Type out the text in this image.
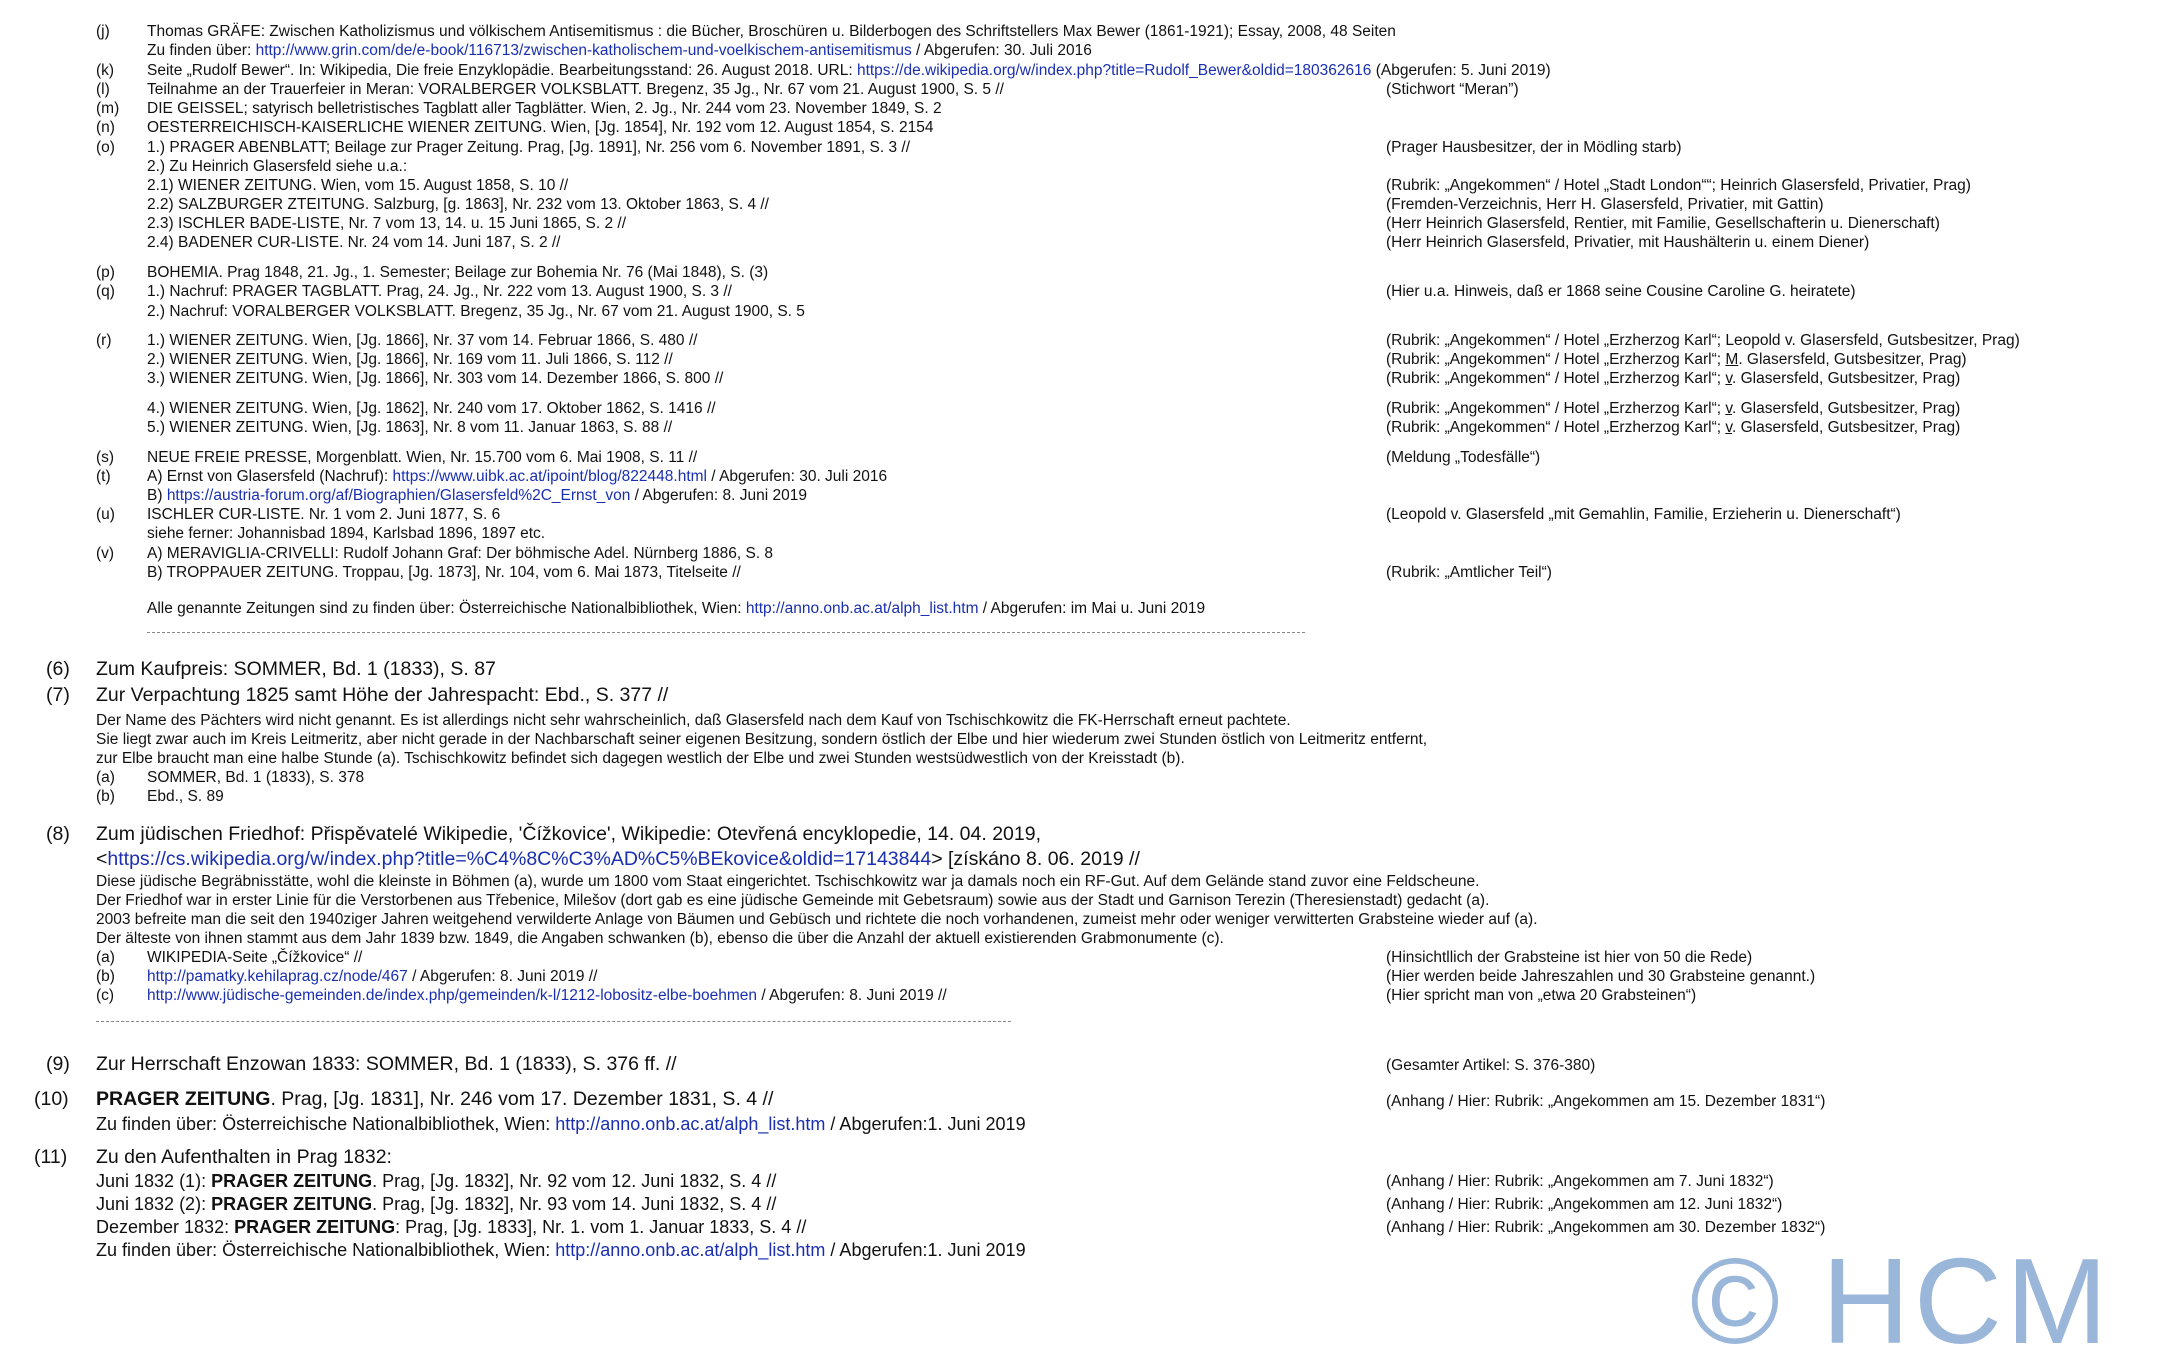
(j) Thomas GRÄFE: Zwischen Katholizismus und völkischem Antisemitismus : die Bücher, Broschüren u. Bilderbogen des Schriftstellers Max Bewer (1861-1921); Essay, 2008, 48 Seiten
Zu finden über: http://www.grin.com/de/e-book/116713/zwischen-katholischem-und-voelkischem-antisemitismus / Abgerufen: 30. Juli 2016
(k) Seite „Rudolf Bewer“. In: Wikipedia, Die freie Enzyklopädie. Bearbeitungsstand: 26. August 2018. URL: https://de.wikipedia.org/w/index.php?title=Rudolf_Bewer&oldid=180362616 (Abgerufen: 5. Juni 2019)
(l) Teilnahme an der Trauerfeier in Meran: VORALBERGER VOLKSBLATT. Bregenz, 35 Jg., Nr. 67 vom 21. August 1900, S. 5 //	(Stichwort “Meran”)
(m) DIE GEISSEL; satyrisch belletristisches Tagblatt aller Tagblätter. Wien, 2. Jg., Nr. 244 vom 23. November 1849, S. 2
(n) OESTERREICHISCH-KAISERLICHE WIENER ZEITUNG. Wien, [Jg. 1854], Nr. 192 vom 12. August 1854, S. 2154
(o) 1.) PRAGER ABENBLATT; Beilage zur Prager Zeitung. Prag, [Jg. 1891], Nr. 256 vom 6. November 1891, S. 3 //	(Prager Hausbesitzer, der in Mödling starb)
2.) Zu Heinrich Glasersfeld siehe u.a.:
2.1) WIENER ZEITUNG. Wien, vom 15. August 1858, S. 10 //	(Rubrik: „Angekommen“ / Hotel „Stadt London““; Heinrich Glasersfeld, Privatier, Prag)
2.2) SALZBURGER ZTEITUNG. Salzburg, [g. 1863], Nr. 232 vom 13. Oktober 1863, S. 4 //	(Fremden-Verzeichnis, Herr H. Glasersfeld, Privatier, mit Gattin)
2.3) ISCHLER BADE-LISTE, Nr. 7 vom 13, 14. u. 15 Juni 1865, S. 2 //	(Herr Heinrich Glasersfeld, Rentier, mit Familie, Gesellschafterin u. Dienerschaft)
2.4) BADENER CUR-LISTE. Nr. 24 vom 14. Juni 187, S. 2 //	(Herr Heinrich Glasersfeld, Privatier, mit Haushälterin u. einem Diener)
(p) BOHEMIA. Prag 1848, 21. Jg., 1. Semester; Beilage zur Bohemia Nr. 76 (Mai 1848), S. (3)
(q) 1.) Nachruf: PRAGER TAGBLATT. Prag, 24. Jg., Nr. 222 vom 13. August 1900, S. 3 //	(Hier u.a. Hinweis, daß er 1868 seine Cousine Caroline G. heiratete)
2.) Nachruf: VORALBERGER VOLKSBLATT. Bregenz, 35 Jg., Nr. 67 vom 21. August 1900, S. 5
(r) 1.) WIENER ZEITUNG. Wien, [Jg. 1866], Nr. 37 vom 14. Februar 1866, S. 480 //	(Rubrik: „Angekommen“ / Hotel „Erzherzog Karl“; Leopold v. Glasersfeld, Gutsbesitzer, Prag)
2.) WIENER ZEITUNG. Wien, [Jg. 1866], Nr. 169 vom 11. Juli 1866, S. 112 //	(Rubrik: „Angekommen“ / Hotel „Erzherzog Karl“; M. Glasersfeld, Gutsbesitzer, Prag)
3.) WIENER ZEITUNG. Wien, [Jg. 1866], Nr. 303 vom 14. Dezember 1866, S. 800 //	(Rubrik: „Angekommen“ / Hotel „Erzherzog Karl“; v. Glasersfeld, Gutsbesitzer, Prag)
4.) WIENER ZEITUNG. Wien, [Jg. 1862], Nr. 240 vom 17. Oktober 1862, S. 1416 //	(Rubrik: „Angekommen“ / Hotel „Erzherzog Karl“; v. Glasersfeld, Gutsbesitzer, Prag)
5.) WIENER ZEITUNG. Wien, [Jg. 1863], Nr. 8 vom 11. Januar 1863, S. 88 //	(Rubrik: „Angekommen“ / Hotel „Erzherzog Karl“; v. Glasersfeld, Gutsbesitzer, Prag)
(s) NEUE FREIE PRESSE, Morgenblatt. Wien, Nr. 15.700 vom 6. Mai 1908, S. 11 //	(Meldung „Todesfälle“)
(t) A) Ernst von Glasersfeld (Nachruf): https://www.uibk.ac.at/ipoint/blog/822448.html / Abgerufen: 30. Juli 2016
B) https://austria-forum.org/af/Biographien/Glasersfeld%2C_Ernst_von / Abgerufen: 8. Juni 2019
(u) ISCHLER CUR-LISTE. Nr. 1 vom 2. Juni 1877, S. 6	(Leopold v. Glasersfeld „mit Gemahlin, Familie, Erzieherin u. Dienerschaft“)
siehe ferner: Johannisbad 1894, Karlsbad 1896, 1897 etc.
(v) A) MERAVIGLIA-CRIVELLI: Rudolf Johann Graf: Der böhmische Adel. Nürnberg 1886, S. 8
B) TROPPAUER ZEITUNG. Troppau, [Jg. 1873], Nr. 104, vom 6. Mai 1873, Titelseite //	(Rubrik: „Amtlicher Teil“)
Alle genannte Zeitungen sind zu finden über: Österreichische Nationalbibliothek, Wien: http://anno.onb.ac.at/alph_list.htm / Abgerufen: im Mai u. Juni 2019
(6) Zum Kaufpreis: SOMMER, Bd. 1 (1833), S. 87
(7) Zur Verpachtung 1825 samt Höhe der Jahrespacht: Ebd., S. 377 //
Der Name des Pächters wird nicht genannt. Es ist allerdings nicht sehr wahrscheinlich, daß Glasersfeld nach dem Kauf von Tschischkowitz die FK-Herrschaft erneut pachtete.
Sie liegt zwar auch im Kreis Leitmeritz, aber nicht gerade in der Nachbarschaft seiner eigenen Besitzung, sondern östlich der Elbe und hier wiederum zwei Stunden östlich von Leitmeritz entfernt,
zur Elbe braucht man eine halbe Stunde (a). Tschischkowitz befindet sich dagegen westlich der Elbe und zwei Stunden westsüdwestlich von der Kreisstadt (b).
(a) SOMMER, Bd. 1 (1833), S. 378
(b) Ebd., S. 89
(8) Zum jüdischen Friedhof: Přispěvatelé Wikipedie, 'Čížkovice', Wikipedie: Otevřená encyklopedie, 14. 04. 2019,
<https://cs.wikipedia.org/w/index.php?title=%C4%8C%C3%AD%C5%BEkovice&oldid=17143844> [získáno 8. 06. 2019 //
Diese jüdische Begräbnisstätte, wohl die kleinste in Böhmen (a), wurde um 1800 vom Staat eingerichtet. Tschischkowitz war ja damals noch ein RF-Gut. Auf dem Gelände stand zuvor eine Feldscheune.
Der Friedhof war in erster Linie für die Verstorbenen aus Třebenice, Milešov (dort gab es eine jüdische Gemeinde mit Gebetsraum) sowie aus der Stadt und Garnison Terezin (Theresienstadt) gedacht (a).
2003 befreite man die seit den 1940ziger Jahren weitgehend verwilderte Anlage von Bäumen und Gebüsch und richtete die noch vorhandenen, zumeist mehr oder weniger verwitterten Grabsteine wieder auf (a).
Der älteste von ihnen stammt aus dem Jahr 1839 bzw. 1849, die Angaben schwanken (b), ebenso die über die Anzahl der aktuell existierenden Grabmonumente (c).
(a) WIKIPEDIA-Seite „Čížkovice“ //	(Hinsichtllich der Grabsteine ist hier von 50 die Rede)
(b) http://pamatky.kehilaprag.cz/node/467 / Abgerufen: 8. Juni 2019 //	(Hier werden beide Jahreszahlen und 30 Grabsteine genannt.)
(c) http://www.jüdische-gemeinden.de/index.php/gemeinden/k-l/1212-lobositz-elbe-boehmen / Abgerufen: 8. Juni 2019 //	(Hier spricht man von „etwa 20 Grabsteinen“)
(9) Zur Herrschaft Enzowan 1833: SOMMER, Bd. 1 (1833), S. 376 ff. //	(Gesamter Artikel: S. 376-380)
(10) PRAGER ZEITUNG. Prag, [Jg. 1831], Nr. 246 vom 17. Dezember 1831, S. 4 //	(Anhang / Hier: Rubrik: „Angekommen am 15. Dezember 1831“)
Zu finden über: Österreichische Nationalbibliothek, Wien: http://anno.onb.ac.at/alph_list.htm / Abgerufen:1. Juni 2019
(11) Zu den Aufenthalten in Prag 1832:
Juni 1832 (1): PRAGER ZEITUNG. Prag, [Jg. 1832], Nr. 92 vom 12. Juni 1832, S. 4 //	(Anhang / Hier: Rubrik: „Angekommen am 7. Juni 1832“)
Juni 1832 (2): PRAGER ZEITUNG. Prag, [Jg. 1832], Nr. 93 vom 14. Juni 1832, S. 4 //	(Anhang / Hier: Rubrik: „Angekommen am 12. Juni 1832“)
Dezember 1832: PRAGER ZEITUNG: Prag, [Jg. 1833], Nr. 1. vom 1. Januar 1833, S. 4 //	(Anhang / Hier: Rubrik: „Angekommen am 30. Dezember 1832“)
Zu finden über: Österreichische Nationalbibliothek, Wien: http://anno.onb.ac.at/alph_list.htm / Abgerufen:1. Juni 2019	© HCM
